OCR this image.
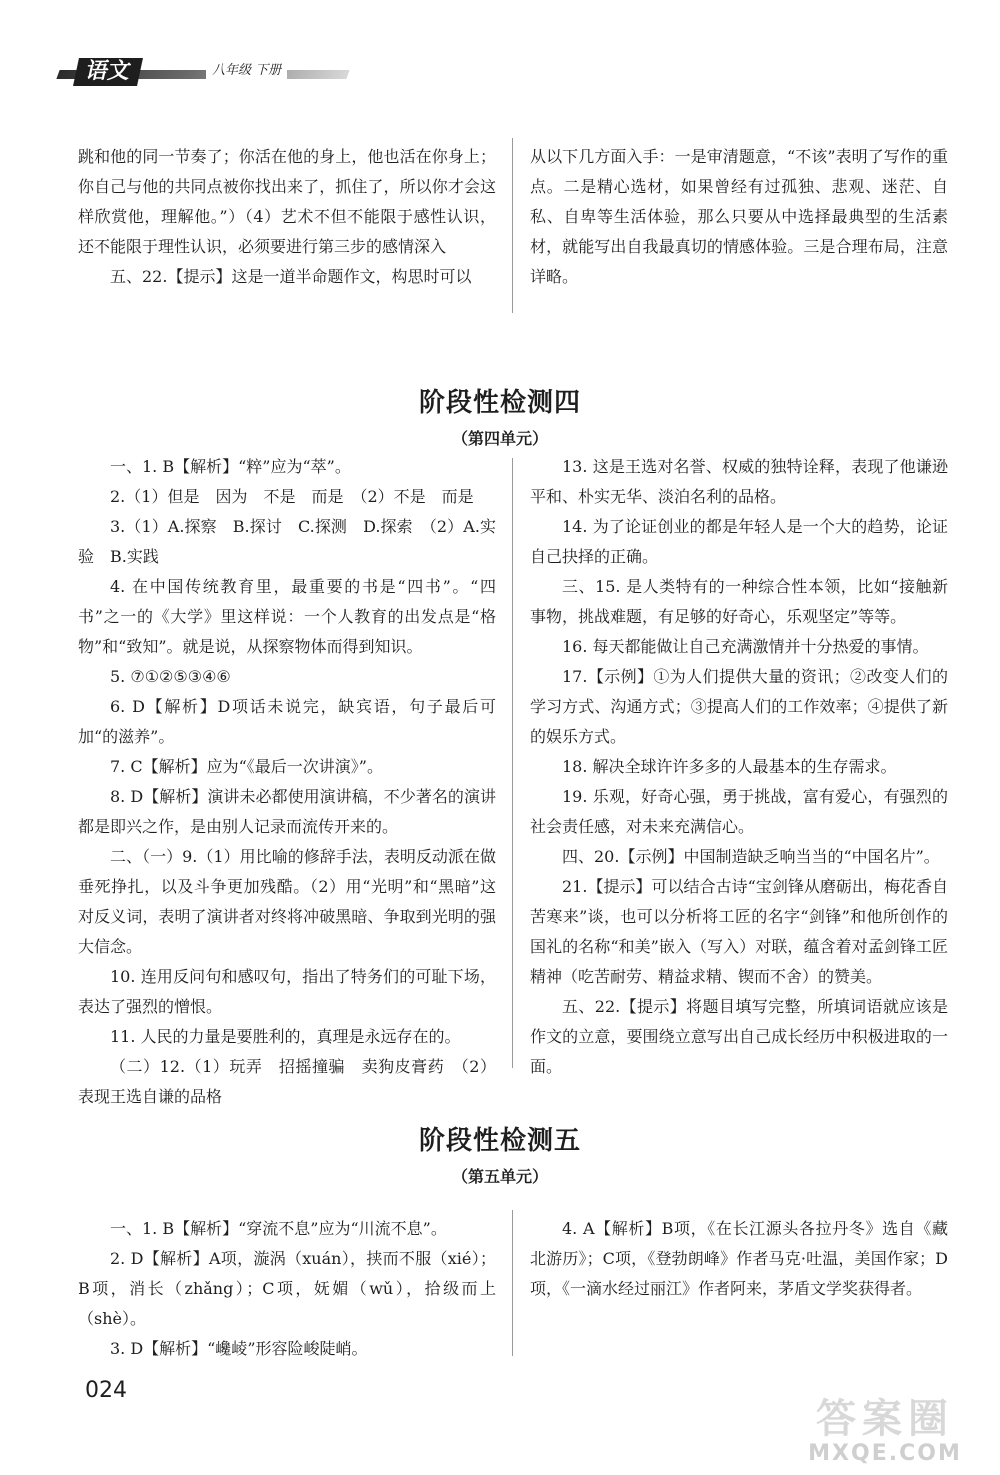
语文	八年级 下册

跳和他的同一节奏了；你活在他的身上，他也活在你身上；你自己与他的共同点被你找出来了，抓住了，所以你才会这样欣赏他，理解他。”）（4）艺术不但不能限于感性认识，还不能限于理性认识，必须要进行第三步的感情深入

五、22.【提示】这是一道半命题作文，构思时可以

从以下几方面入手：一是审清题意，“不该”表明了写作的重点。二是精心选材，如果曾经有过孤独、悲观、迷茫、自私、自卑等生活体验，那么只要从中选择最典型的生活素材，就能写出自我最真切的情感体验。三是合理布局，注意详略。

阶段性检测四
（第四单元）

一、1. B【解析】“粹”应为“萃”。

2.（1）但是　因为　不是　而是　（2）不是　而是

3.（1）A.探察　B.探讨　C.探测　D.探索　（2）A.实验　B.实践

4. 在中国传统教育里，最重要的书是“四书”。“四书”之一的《大学》里这样说：一个人教育的出发点是“格物”和“致知”。就是说，从探察物体而得到知识。

5. ⑦①②⑤③④⑥

6. D【解析】D项话未说完，缺宾语，句子最后可加“的滋养”。

7. C【解析】应为“《最后一次讲演》”。

8. D【解析】演讲未必都使用演讲稿，不少著名的演讲都是即兴之作，是由别人记录而流传开来的。

二、（一）9.（1）用比喻的修辞手法，表明反动派在做垂死挣扎，以及斗争更加残酷。（2）用“光明”和“黑暗”这对反义词，表明了演讲者对终将冲破黑暗、争取到光明的强大信念。

10. 连用反问句和感叹句，指出了特务们的可耻下场，表达了强烈的憎恨。

11. 人民的力量是要胜利的，真理是永远存在的。

（二）12.（1）玩弄　招摇撞骗　卖狗皮膏药　（2）表现王选自谦的品格

13. 这是王选对名誉、权威的独特诠释，表现了他谦逊平和、朴实无华、淡泊名利的品格。

14. 为了论证创业的都是年轻人是一个大的趋势，论证自己抉择的正确。

三、15. 是人类特有的一种综合性本领，比如“接触新事物，挑战难题，有足够的好奇心，乐观坚定”等等。

16. 每天都能做让自己充满激情并十分热爱的事情。

17.【示例】①为人们提供大量的资讯；②改变人们的学习方式、沟通方式；③提高人们的工作效率；④提供了新的娱乐方式。

18. 解决全球许许多多的人最基本的生存需求。

19. 乐观，好奇心强，勇于挑战，富有爱心，有强烈的社会责任感，对未来充满信心。

四、20.【示例】中国制造缺乏响当当的“中国名片”。

21.【提示】可以结合古诗“宝剑锋从磨砺出，梅花香自苦寒来”谈，也可以分析将工匠的名字“剑锋”和他所创作的国礼的名称“和美”嵌入（写入）对联，蕴含着对孟剑锋工匠精神（吃苦耐劳、精益求精、锲而不舍）的赞美。

五、22.【提示】将题目填写完整，所填词语就应该是作文的立意，要围绕立意写出自己成长经历中积极进取的一面。

阶段性检测五
（第五单元）

一、1. B【解析】“穿流不息”应为“川流不息”。

2. D【解析】A项，漩涡（xuán），挟而不服（xié）；B项，消长（zhǎng）；C项，妩媚（wǔ），拾级而上（shè）。

3. D【解析】“巉崚”形容险峻陡峭。

4. A【解析】B项，《在长江源头各拉丹冬》选自《藏北游历》；C项，《登勃朗峰》作者马克·吐温，美国作家；D项，《一滴水经过丽江》作者阿来，茅盾文学奖获得者。

024
答案圈
MXQE.COM
